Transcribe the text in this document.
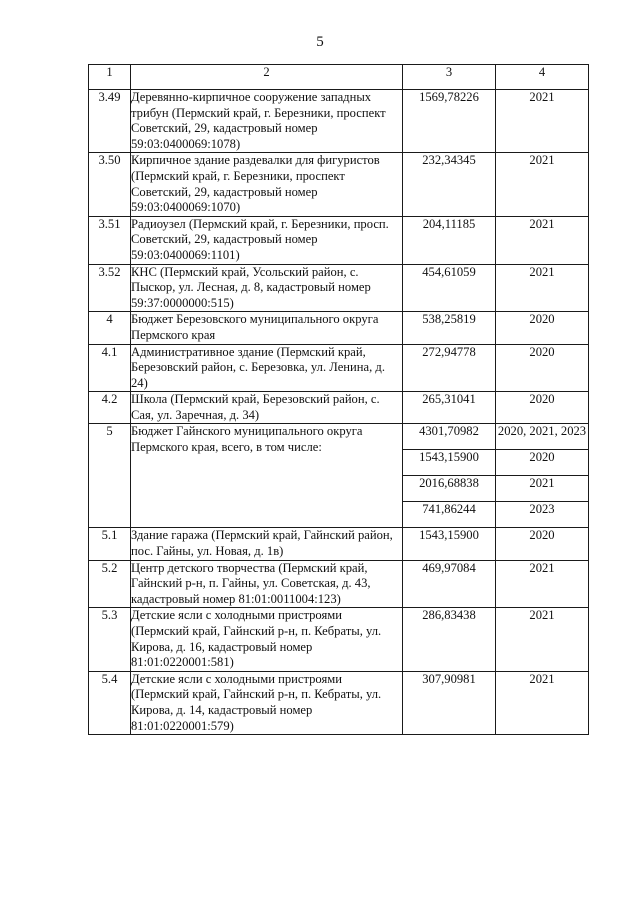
5
1	2	3	4
3.49	Деревянно-кирпичное сооружение западных трибун (Пермский край, г. Березники, проспект Советский, 29, кадастровый номер 59:03:0400069:1078)	1569,78226	2021
3.50	Кирпичное здание раздевалки для фигуристов (Пермский край, г. Березники, проспект Советский, 29, кадастровый номер 59:03:0400069:1070)	232,34345	2021
3.51	Радиоузел (Пермский край, г. Березники, просп. Советский, 29, кадастровый номер 59:03:0400069:1101)	204,11185	2021
3.52	КНС (Пермский край, Усольский район, с. Пыскор, ул. Лесная, д. 8, кадастровый номер 59:37:0000000:515)	454,61059	2021
4	Бюджет Березовского муниципального округа Пермского края	538,25819	2020
4.1	Административное здание (Пермский край, Березовский район, с. Березовка, ул. Ленина, д. 24)	272,94778	2020
4.2	Школа (Пермский край, Березовский район, с. Сая, ул. Заречная, д. 34)	265,31041	2020
5	Бюджет Гайнского муниципального округа Пермского края, всего, в том числе:	4301,70982	2020, 2021, 2023
		1543,15900	2020
		2016,68838	2021
		741,86244	2023
5.1	Здание гаража (Пермский край, Гайнский район, пос. Гайны, ул. Новая, д. 1в)	1543,15900	2020
5.2	Центр детского творчества (Пермский край, Гайнский р-н, п. Гайны, ул. Советская, д. 43, кадастровый номер 81:01:0011004:123)	469,97084	2021
5.3	Детские ясли с холодными пристроями (Пермский край, Гайнский р-н, п. Кебраты, ул. Кирова, д. 16, кадастровый номер 81:01:0220001:581)	286,83438	2021
5.4	Детские ясли с холодными пристроями (Пермский край, Гайнский р-н, п. Кебраты, ул. Кирова, д. 14, кадастровый номер 81:01:0220001:579)	307,90981	2021
